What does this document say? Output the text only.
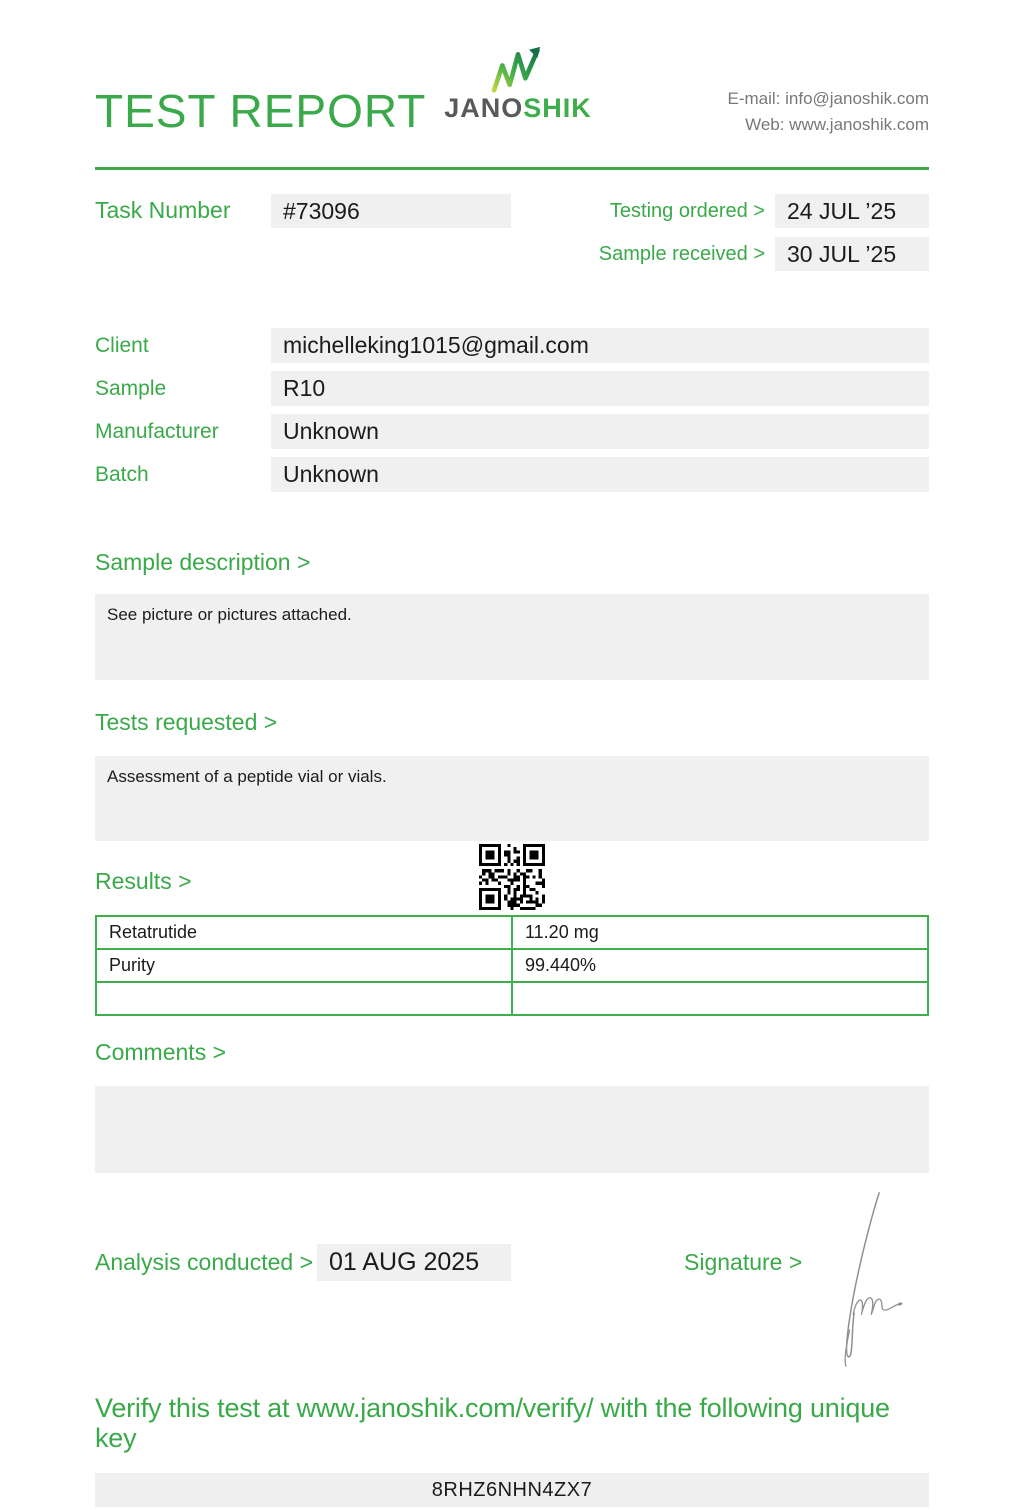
TEST REPORT JANOSHIK	E-mail: info@janoshik.com
Web: www.janoshik.com
Task Number	#73096	Testing ordered > 24 JUL ’25
Sample received > 30 JUL ’25
Client	michelleking1015@gmail.com
Sample	R10
Manufacturer	Unknown
Batch	Unknown
Sample description >
See picture or pictures attached.
Tests requested >
Assessment of a peptide vial or vials.
Results >
Retatrutide	11.20 mg
Purity	99.440%

Comments >
Analysis conducted > 01 AUG 2025	Signature >
Verify this test at www.janoshik.com/verify/ with the following unique key
8RHZ6NHN4ZX7
